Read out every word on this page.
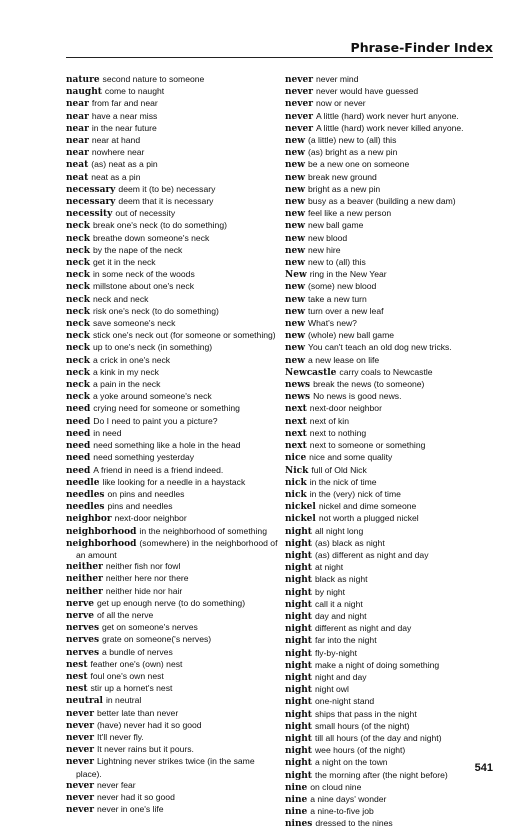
Phrase-Finder Index
nature second nature to someone
naught come to naught
near from far and near
near have a near miss
near in the near future
near near at hand
near nowhere near
neat (as) neat as a pin
neat neat as a pin
necessary deem it (to be) necessary
necessary deem that it is necessary
necessity out of necessity
neck break one's neck (to do something)
neck breathe down someone's neck
neck by the nape of the neck
neck get it in the neck
neck in some neck of the woods
neck millstone about one's neck
neck neck and neck
neck risk one's neck (to do something)
neck save someone's neck
neck stick one's neck out (for someone or something)
neck up to one's neck (in something)
neck a crick in one's neck
neck a kink in my neck
neck a pain in the neck
neck a yoke around someone's neck
need crying need for someone or something
need Do I need to paint you a picture?
need in need
need need something like a hole in the head
need need something yesterday
need A friend in need is a friend indeed.
needle like looking for a needle in a haystack
needles on pins and needles
needles pins and needles
neighbor next-door neighbor
neighborhood in the neighborhood of something
neighborhood (somewhere) in the neighborhood of an amount
neither neither fish nor fowl
neither neither here nor there
neither neither hide nor hair
nerve get up enough nerve (to do something)
nerve of all the nerve
nerves get on someone's nerves
nerves grate on someone('s nerves)
nerves a bundle of nerves
nest feather one's (own) nest
nest foul one's own nest
nest stir up a hornet's nest
neutral in neutral
never better late than never
never (have) never had it so good
never It'll never fly.
never It never rains but it pours.
never Lightning never strikes twice (in the same place).
never never fear
never never had it so good
never never in one's life
never never mind
never never would have guessed
never now or never
never A little (hard) work never hurt anyone.
never A little (hard) work never killed anyone.
new (a little) new to (all) this
new (as) bright as a new pin
new be a new one on someone
new break new ground
new bright as a new pin
new busy as a beaver (building a new dam)
new feel like a new person
new new ball game
new new blood
new new hire
new new to (all) this
New ring in the New Year
new (some) new blood
new take a new turn
new turn over a new leaf
new What's new?
new (whole) new ball game
new You can't teach an old dog new tricks.
new a new lease on life
Newcastle carry coals to Newcastle
news break the news (to someone)
news No news is good news.
next next-door neighbor
next next of kin
next next to nothing
next next to someone or something
nice nice and some quality
Nick full of Old Nick
nick in the nick of time
nick in the (very) nick of time
nickel nickel and dime someone
nickel not worth a plugged nickel
night all night long
night (as) black as night
night (as) different as night and day
night at night
night black as night
night by night
night call it a night
night day and night
night different as night and day
night far into the night
night fly-by-night
night make a night of doing something
night night and day
night night owl
night one-night stand
night ships that pass in the night
night small hours (of the night)
night till all hours (of the day and night)
night wee hours (of the night)
night a night on the town
night the morning after (the night before)
nine on cloud nine
nine a nine days' wonder
nine a nine-to-five job
nines dressed to the nines
541
